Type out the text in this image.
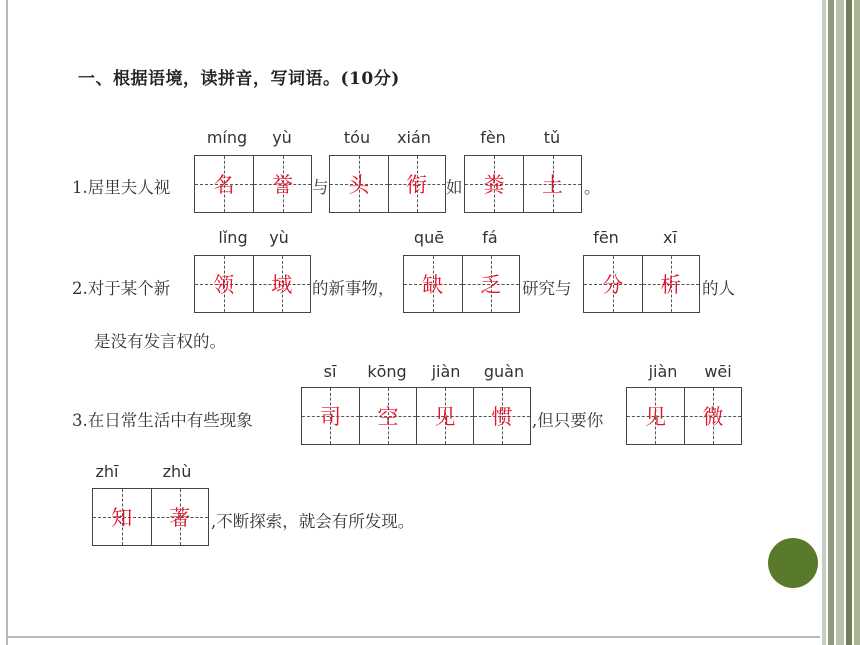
一、根据语境，读拼音，写词语。(10分)
míng	yù	tóu	xián	fèn	tǔ
1.居里夫人视	名	誉	与 头	衔	如	粪	土	。
lǐng	yù	quē	fá	fēn	xī
2.对于某个新	领	域	的新事物，	缺	乏	研究与	分	析	的人
是没有发言权的。
sī	kōng	jiàn	guàn	jiàn	wēi
3.在日常生活中有些现象	司	空	见	惯	,但只要你	见	微
zhī	zhù
知	著	,不断探索，就会有所发现。
